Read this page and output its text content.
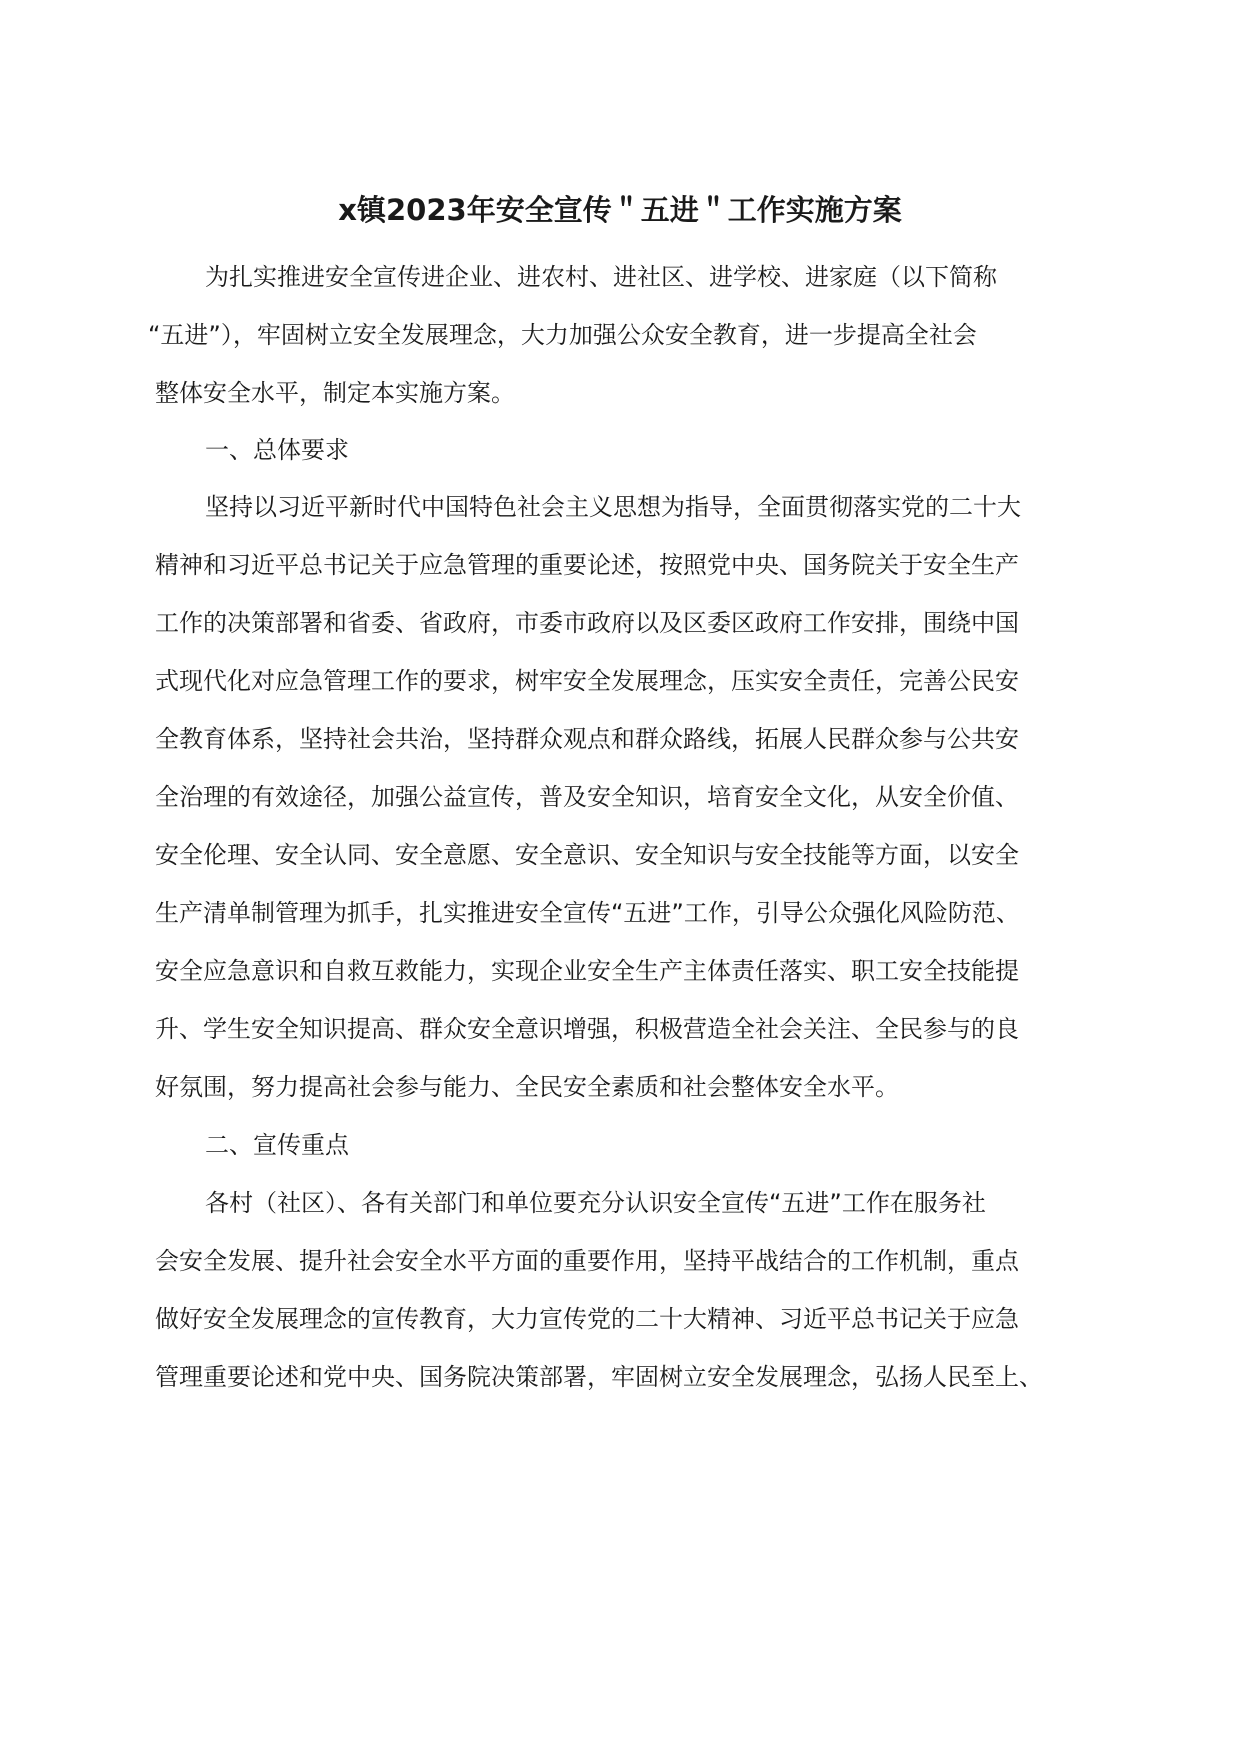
x镇2023年安全宣传＂五进＂工作实施方案
为扎实推进安全宣传进企业、进农村、进社区、进学校、进家庭（以下简称
“五进”），牢固树立安全发展理念，大力加强公众安全教育，进一步提高全社会
整体安全水平，制定本实施方案。
一、总体要求
坚持以习近平新时代中国特色社会主义思想为指导，全面贯彻落实党的二十大
精神和习近平总书记关于应急管理的重要论述，按照党中央、国务院关于安全生产
工作的决策部署和省委、省政府，市委市政府以及区委区政府工作安排，围绕中国
式现代化对应急管理工作的要求，树牢安全发展理念，压实安全责任，完善公民安
全教育体系，坚持社会共治，坚持群众观点和群众路线，拓展人民群众参与公共安
全治理的有效途径，加强公益宣传，普及安全知识，培育安全文化，从安全价值、
安全伦理、安全认同、安全意愿、安全意识、安全知识与安全技能等方面，以安全
生产清单制管理为抓手，扎实推进安全宣传“五进”工作，引导公众强化风险防范、
安全应急意识和自救互救能力，实现企业安全生产主体责任落实、职工安全技能提
升、学生安全知识提高、群众安全意识增强，积极营造全社会关注、全民参与的良
好氛围，努力提高社会参与能力、全民安全素质和社会整体安全水平。
二、宣传重点
各村（社区）、各有关部门和单位要充分认识安全宣传“五进”工作在服务社
会安全发展、提升社会安全水平方面的重要作用，坚持平战结合的工作机制，重点
做好安全发展理念的宣传教育，大力宣传党的二十大精神、习近平总书记关于应急
管理重要论述和党中央、国务院决策部署，牢固树立安全发展理念，弘扬人民至上、
